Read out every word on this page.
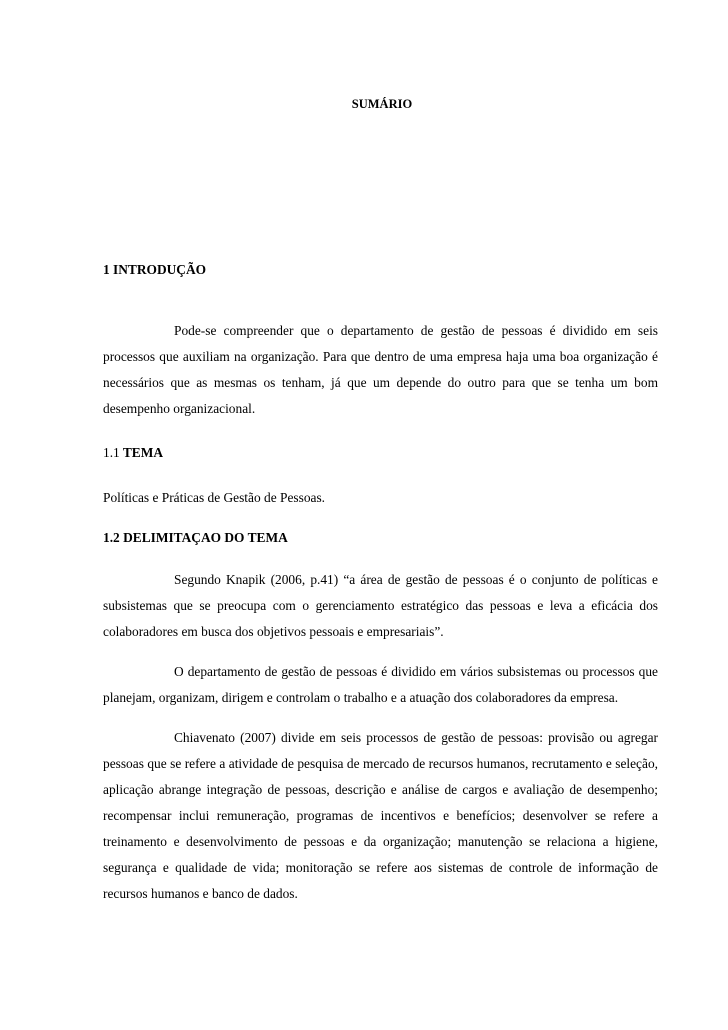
SUMÁRIO

1 INTRODUÇÃO

Pode-se compreender que o departamento de gestão de pessoas é dividido em seis processos que auxiliam na organização. Para que dentro de uma empresa haja uma boa organização é necessários que as mesmas os tenham, já que um depende do outro para que se tenha um bom desempenho organizacional.

1.1 TEMA

Políticas e Práticas de Gestão de Pessoas.

1.2 DELIMITAÇAO DO TEMA

Segundo Knapik (2006, p.41) “a área de gestão de pessoas é o conjunto de políticas e subsistemas que se preocupa com o gerenciamento estratégico das pessoas e leva a eficácia dos colaboradores em busca dos objetivos pessoais e empresariais”.

O departamento de gestão de pessoas é dividido em vários subsistemas ou processos que planejam, organizam, dirigem e controlam o trabalho e a atuação dos colaboradores da empresa.

Chiavenato (2007) divide em seis processos de gestão de pessoas: provisão ou agregar pessoas que se refere a atividade de pesquisa de mercado de recursos humanos, recrutamento e seleção, aplicação abrange integração de pessoas, descrição e análise de cargos e avaliação de desempenho; recompensar inclui remuneração, programas de incentivos e benefícios; desenvolver se refere a treinamento e desenvolvimento de pessoas e da organização; manutenção se relaciona a higiene, segurança e qualidade de vida; monitoração se refere aos sistemas de controle de informação de recursos humanos e banco de dados.
